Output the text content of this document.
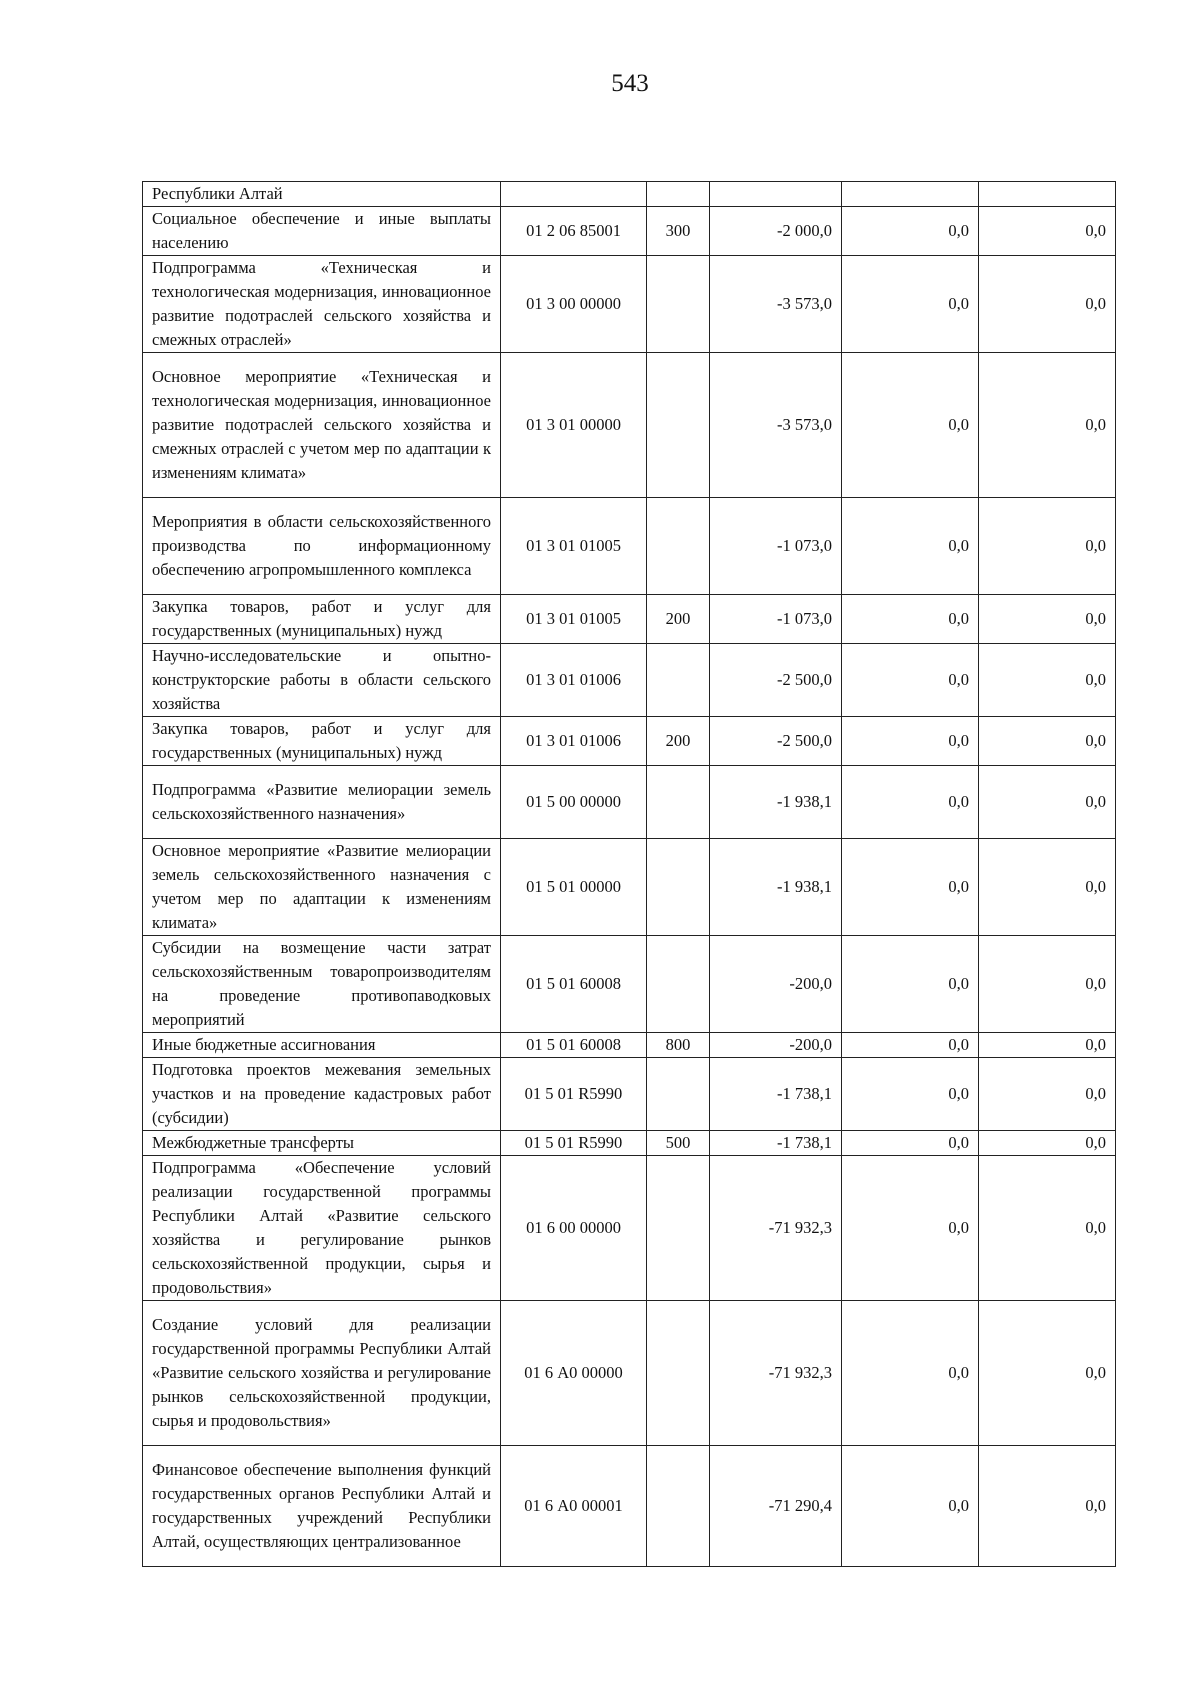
543
Республики Алтай					
Социальное обеспечение и иные выплаты населению	01 2 06 85001	300	-2 000,0	0,0	0,0
Подпрограмма «Техническая и технологическая модернизация, инновационное развитие подотраслей сельского хозяйства и смежных отраслей»	01 3 00 00000		-3 573,0	0,0	0,0
Основное мероприятие «Техническая и технологическая модернизация, инновационное развитие подотраслей сельского хозяйства и смежных отраслей с учетом мер по адаптации к изменениям климата»	01 3 01 00000		-3 573,0	0,0	0,0
Мероприятия в области сельскохозяйственного производства по информационному обеспечению агропромышленного комплекса	01 3 01 01005		-1 073,0	0,0	0,0
Закупка товаров, работ и услуг для государственных (муниципальных) нужд	01 3 01 01005	200	-1 073,0	0,0	0,0
Научно-исследовательские и опытно-конструкторские работы в области сельского хозяйства	01 3 01 01006		-2 500,0	0,0	0,0
Закупка товаров, работ и услуг для государственных (муниципальных) нужд	01 3 01 01006	200	-2 500,0	0,0	0,0
Подпрограмма «Развитие мелиорации земель сельскохозяйственного назначения»	01 5 00 00000		-1 938,1	0,0	0,0
Основное мероприятие «Развитие мелиорации земель сельскохозяйственного назначения с учетом мер по адаптации к изменениям климата»	01 5 01 00000		-1 938,1	0,0	0,0
Субсидии на возмещение части затрат сельскохозяйственным товаропроизводителям на проведение противопаводковых мероприятий	01 5 01 60008		-200,0	0,0	0,0
Иные бюджетные ассигнования	01 5 01 60008	800	-200,0	0,0	0,0
Подготовка проектов межевания земельных участков и на проведение кадастровых работ (субсидии)	01 5 01 R5990		-1 738,1	0,0	0,0
Межбюджетные трансферты	01 5 01 R5990	500	-1 738,1	0,0	0,0
Подпрограмма «Обеспечение условий реализации государственной программы Республики Алтай «Развитие сельского хозяйства и регулирование рынков сельскохозяйственной продукции, сырья и продовольствия»	01 6 00 00000		-71 932,3	0,0	0,0
Создание условий для реализации государственной программы Республики Алтай «Развитие сельского хозяйства и регулирование рынков сельскохозяйственной продукции, сырья и продовольствия»	01 6 А0 00000		-71 932,3	0,0	0,0
Финансовое обеспечение выполнения функций государственных органов Республики Алтай и государственных учреждений Республики Алтай, осуществляющих централизованное	01 6 А0 00001		-71 290,4	0,0	0,0
